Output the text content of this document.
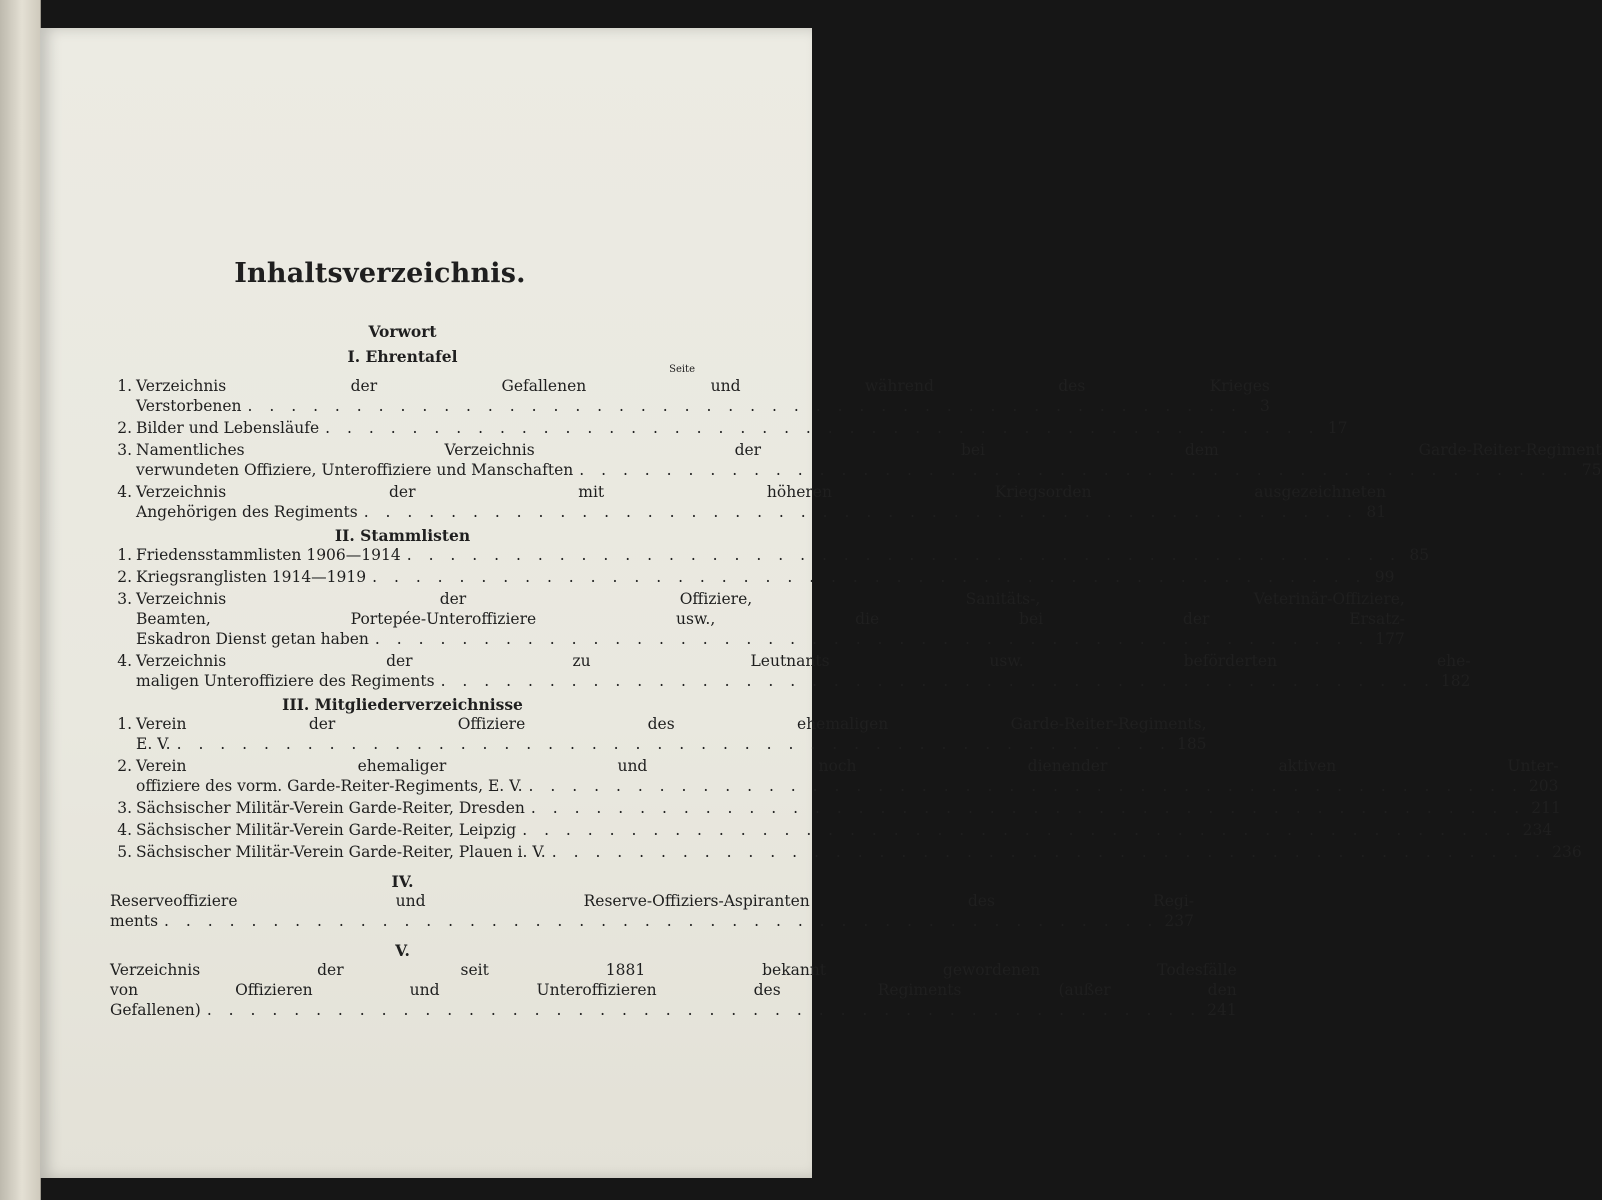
Inhaltsverzeichnis.
Vorwort
I. Ehrentafel
Seite
1. Verzeichnis der Gefallenen und während des Krieges
Verstorbenen . . .	3
2. Bilder und Lebensläufe . . .	17
3. Namentliches Verzeichnis der bei dem Garde-Reiter-Regiment
verwundeten Offiziere, Unteroffiziere und Manschaften . . .	75
4. Verzeichnis der mit höheren Kriegsorden ausgezeichneten
Angehörigen des Regiments . . .	81
II. Stammlisten
1. Friedensstammlisten 1906—1914 . . .	85
2. Kriegsranglisten 1914—1919 . . .	99
3. Verzeichnis der Offiziere, Sanitäts-, Veterinär-Offiziere,
Beamten, Portepée-Unteroffiziere usw., die bei der Ersatz-
Eskadron Dienst getan haben . . .	177
4. Verzeichnis der zu Leutnants usw. beförderten ehe-
maligen Unteroffiziere des Regiments . . .	182
III. Mitgliederverzeichnisse
1. Verein der Offiziere des ehemaligen Garde-Reiter-Regiments,
E. V. . . .	185
2. Verein ehemaliger und noch dienender aktiven Unter-
offiziere des vorm. Garde-Reiter-Regiments, E. V. . . .	203
3. Sächsischer Militär-Verein Garde-Reiter, Dresden . . .	211
4. Sächsischer Militär-Verein Garde-Reiter, Leipzig . . .	234
5. Sächsischer Militär-Verein Garde-Reiter, Plauen i. V. . . .	236
IV.
Reserveoffiziere und Reserve-Offiziers-Aspiranten des Regi-
ments . . .	237
V.
Verzeichnis der seit 1881 bekannt gewordenen Todesfälle
von Offizieren und Unteroffizieren des Regiments (außer den
Gefallenen) . . .	241
